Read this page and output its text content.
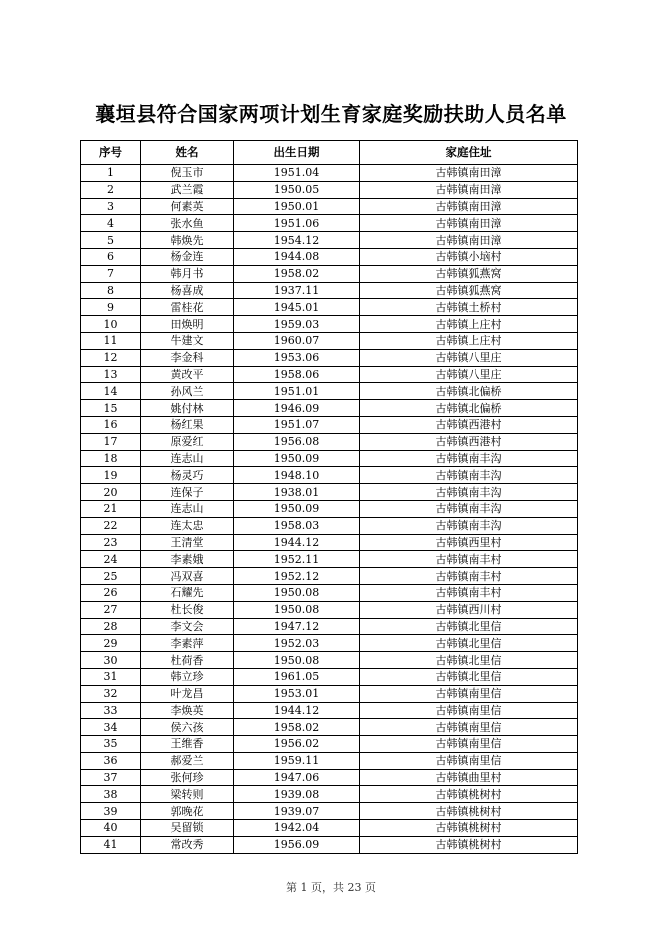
襄垣县符合国家两项计划生育家庭奖励扶助人员名单
序号	姓名	出生日期	家庭住址
1	倪玉市	1951.04	古韩镇南田漳
2	武兰霞	1950.05	古韩镇南田漳
3	何素英	1950.01	古韩镇南田漳
4	张水鱼	1951.06	古韩镇南田漳
5	韩焕先	1954.12	古韩镇南田漳
6	杨金连	1944.08	古韩镇小垴村
7	韩月书	1958.02	古韩镇狐燕窝
8	杨喜成	1937.11	古韩镇狐燕窝
9	雷桂花	1945.01	古韩镇土桥村
10	田焕明	1959.03	古韩镇上庄村
11	牛建文	1960.07	古韩镇上庄村
12	李金科	1953.06	古韩镇八里庄
13	黄改平	1958.06	古韩镇八里庄
14	孙风兰	1951.01	古韩镇北偏桥
15	姚付林	1946.09	古韩镇北偏桥
16	杨红果	1951.07	古韩镇西港村
17	原爱红	1956.08	古韩镇西港村
18	连志山	1950.09	古韩镇南丰沟
19	杨灵巧	1948.10	古韩镇南丰沟
20	连保子	1938.01	古韩镇南丰沟
21	连志山	1950.09	古韩镇南丰沟
22	连太忠	1958.03	古韩镇南丰沟
23	王清堂	1944.12	古韩镇西里村
24	李素娥	1952.11	古韩镇南丰村
25	冯双喜	1952.12	古韩镇南丰村
26	石耀先	1950.08	古韩镇南丰村
27	杜长俊	1950.08	古韩镇西川村
28	李文会	1947.12	古韩镇北里信
29	李素萍	1952.03	古韩镇北里信
30	杜荷香	1950.08	古韩镇北里信
31	韩立珍	1961.05	古韩镇北里信
32	叶龙昌	1953.01	古韩镇南里信
33	李焕英	1944.12	古韩镇南里信
34	侯六孩	1958.02	古韩镇南里信
35	王维香	1956.02	古韩镇南里信
36	郝爱兰	1959.11	古韩镇南里信
37	张何珍	1947.06	古韩镇曲里村
38	梁转则	1939.08	古韩镇桃树村
39	郭晚花	1939.07	古韩镇桃树村
40	吴留锁	1942.04	古韩镇桃树村
41	常改秀	1956.09	古韩镇桃树村
第 1 页，共 23 页
